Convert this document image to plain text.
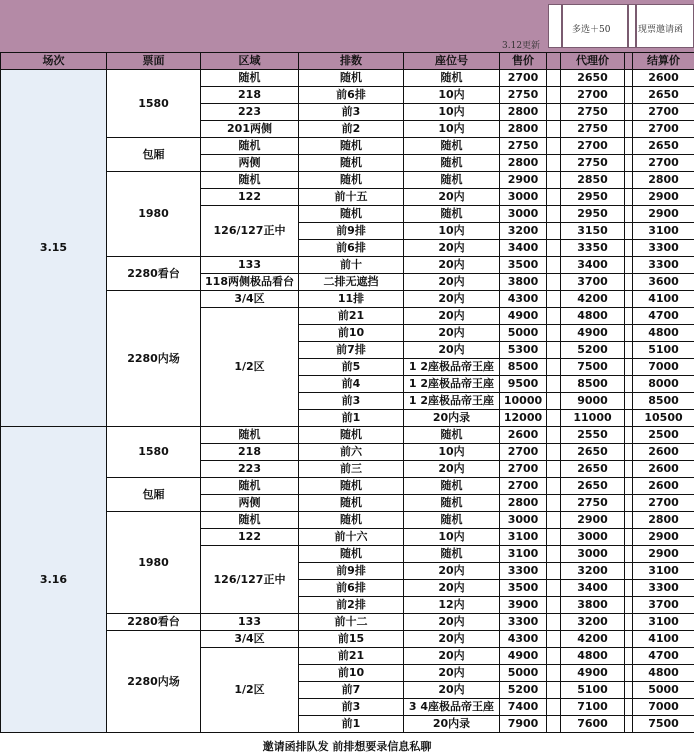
3.12更新
多选＋50	现票邀请函
场次	票面	区域	排数	座位号	售价		代理价		结算价
3.15	1580	随机	随机	随机	2700		2650		2600
		218	前6排	10内	2750		2700		2650
		223	前3	10内	2800		2750		2700
		201两侧	前2	10内	2800		2750		2700
	包厢	随机	随机	随机	2750		2700		2650
		两侧	随机	随机	2800		2750		2700
	1980	随机	随机	随机	2900		2850		2800
		122	前十五	20内	3000		2950		2900
		126/127正中	随机	随机	3000		2950		2900
			前9排	10内	3200		3150		3100
			前6排	20内	3400		3350		3300
	2280看台	133	前十	20内	3500		3400		3300
		118两侧极品看台	二排无遮挡	20内	3800		3700		3600
	2280内场	3/4区	11排	20内	4300		4200		4100
		1/2区	前21	20内	4900		4800		4700
			前10	20内	5000		4900		4800
			前7排	20内	5300		5200		5100
			前5	1 2座极品帝王座	8500		7500		7000
			前4	1 2座极品帝王座	9500		8500		8000
			前3	1 2座极品帝王座	10000		9000		8500
			前1	20内录	12000		11000		10500
3.16	1580	随机	随机	随机	2600		2550		2500
		218	前六	10内	2700		2650		2600
		223	前三	20内	2700		2650		2600
	包厢	随机	随机	随机	2700		2650		2600
		两侧	随机	随机	2800		2750		2700
	1980	随机	随机	随机	3000		2900		2800
		122	前十六	10内	3100		3000		2900
		126/127正中	随机	随机	3100		3000		2900
			前9排	20内	3300		3200		3100
			前6排	20内	3500		3400		3300
			前2排	12内	3900		3800		3700
	2280看台	133	前十二	20内	3300		3200		3100
	2280内场	3/4区	前15	20内	4300		4200		4100
		1/2区	前21	20内	4900		4800		4700
			前10	20内	5000		4900		4800
			前7	20内	5200		5100		5000
			前3	3 4座极品帝王座	7400		7100		7000
			前1	20内录	7900		7600		7500
邀请函排队发 前排想要录信息私聊
